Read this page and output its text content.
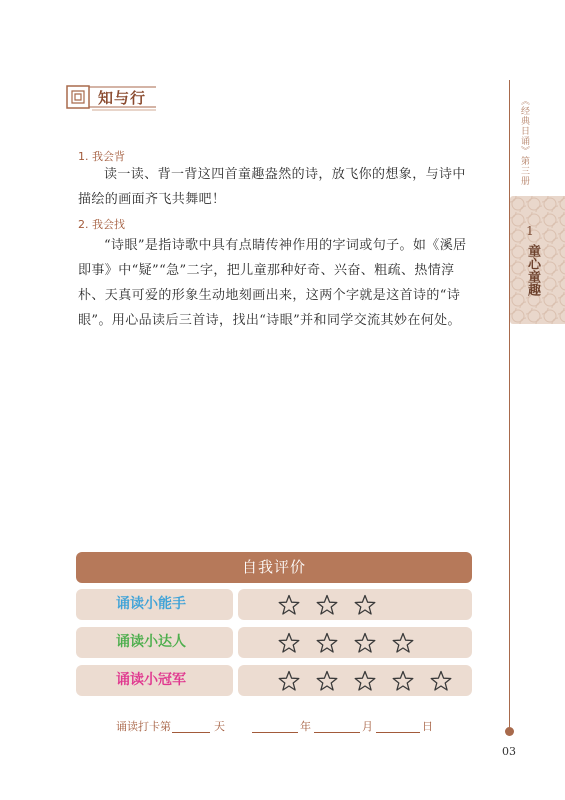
《经典日诵》第三册
1
童心童趣
知与行
1. 我会背
读一读、背一背这四首童趣盎然的诗，放飞你的想象，与诗中描绘的画面齐飞共舞吧！
2. 我会找
“诗眼”是指诗歌中具有点睛传神作用的字词或句子。如《溪居即事》中“疑”“急”二字，把儿童那种好奇、兴奋、粗疏、热情淳朴、天真可爱的形象生动地刻画出来，这两个字就是这首诗的“诗眼”。用心品读后三首诗，找出“诗眼”并和同学交流其妙在何处。
自我评价
诵读小能手
诵读小达人
诵读小冠军
诵读打卡第	天	年	月	日
03
